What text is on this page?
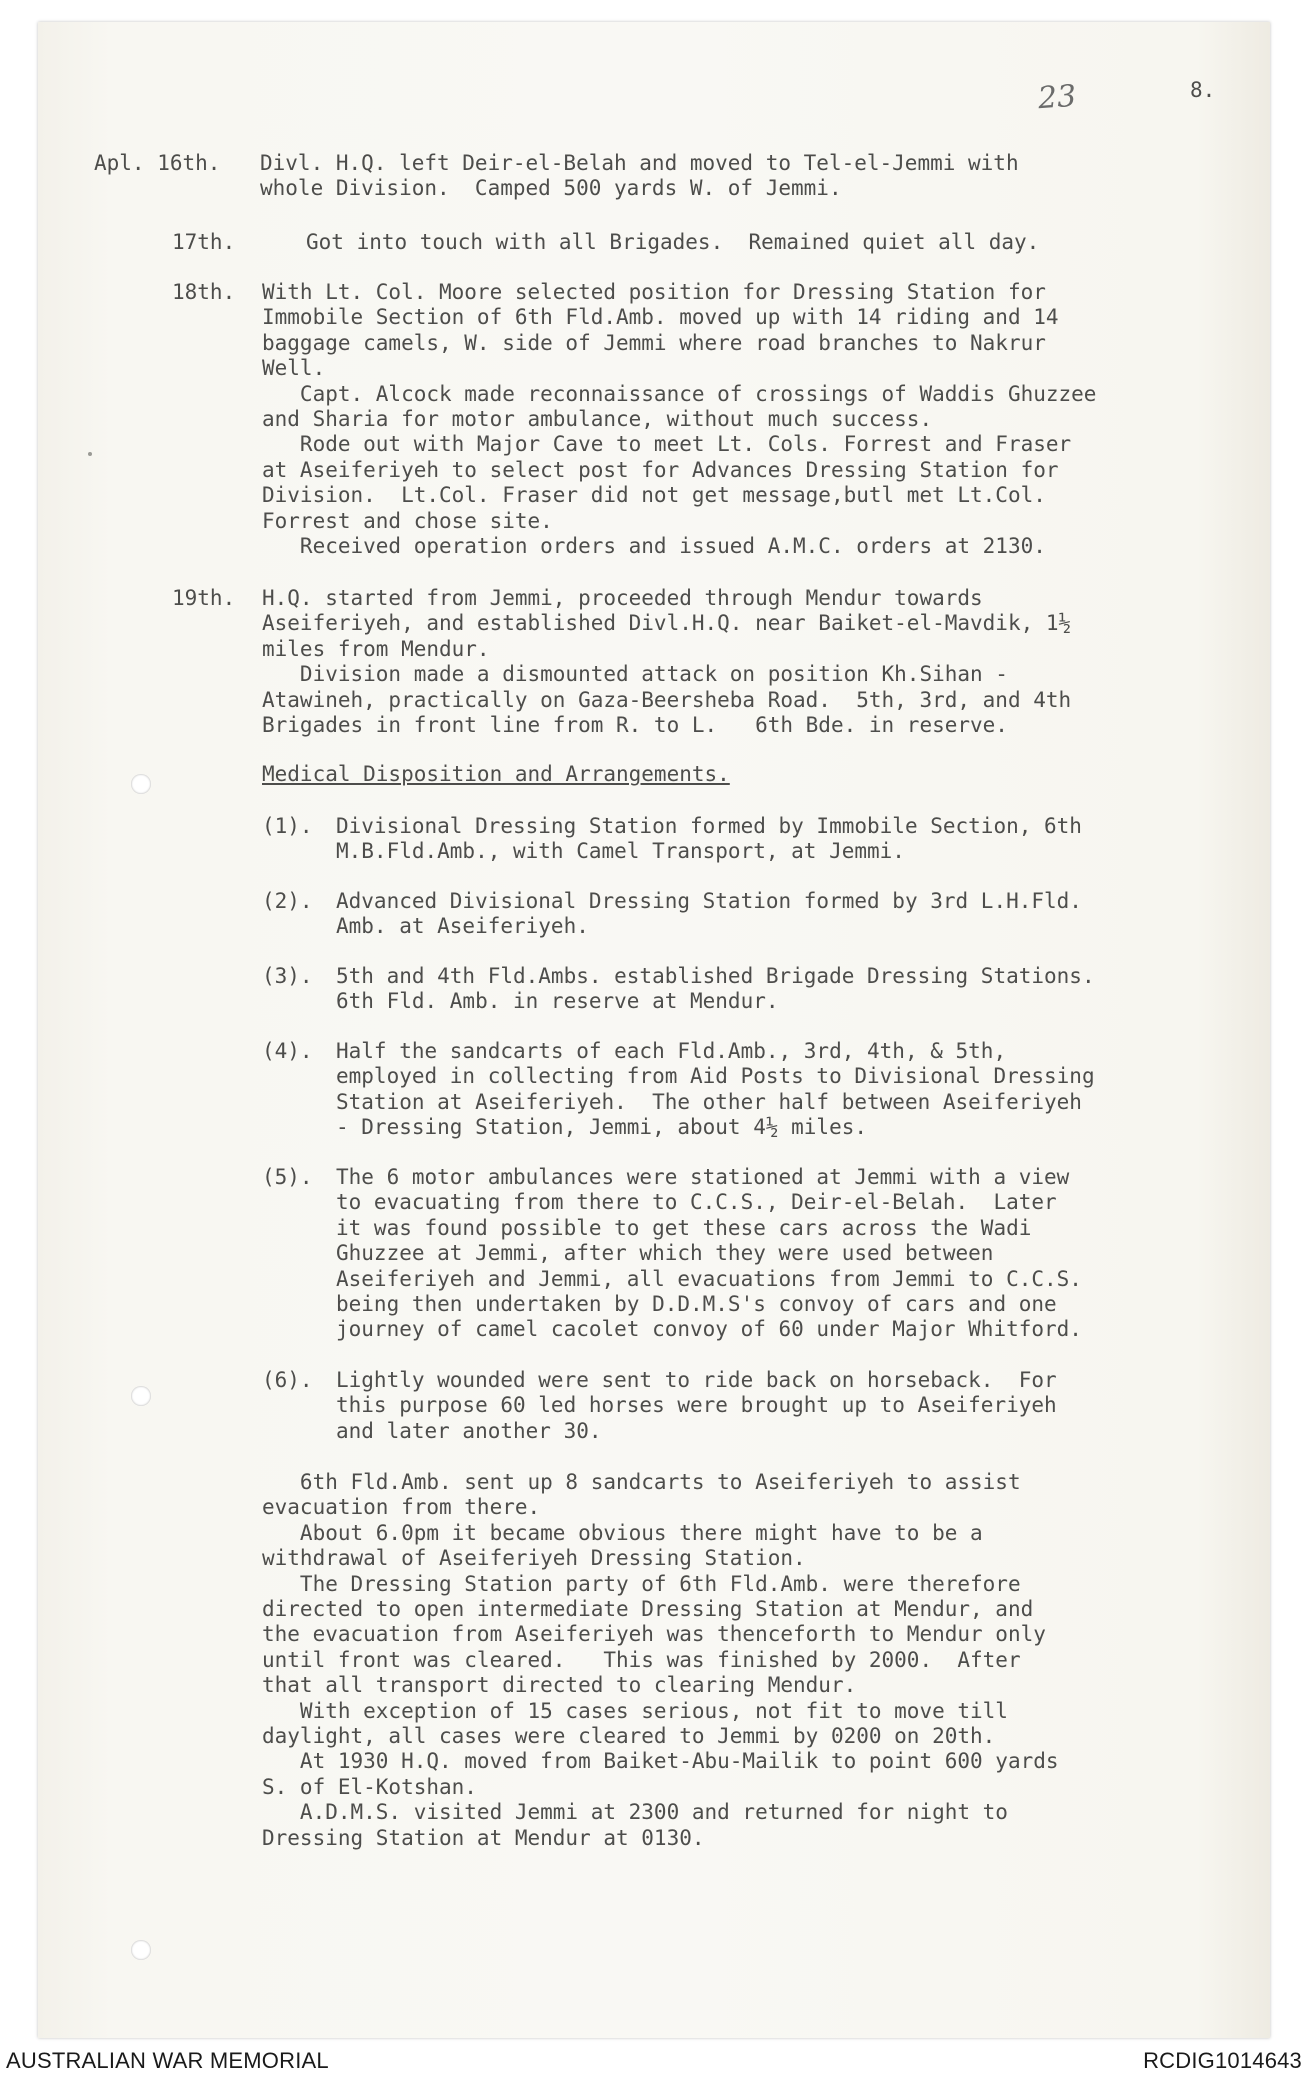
23	8.
Apl. 16th. Divl. H.Q. left Deir-el-Belah and moved to Tel-el-Jemmi with
whole Division.  Camped 500 yards W. of Jemmi.
17th.	Got into touch with all Brigades.  Remained quiet all day.
18th. With Lt. Col. Moore selected position for Dressing Station for
Immobile Section of 6th Fld.Amb. moved up with 14 riding and 14
baggage camels, W. side of Jemmi where road branches to Nakrur
Well.
Capt. Alcock made reconnaissance of crossings of Waddis Ghuzzee
and Sharia for motor ambulance, without much success.
Rode out with Major Cave to meet Lt. Cols. Forrest and Fraser
at Aseiferiyeh to select post for Advances Dressing Station for
Division.  Lt.Col. Fraser did not get message,butl met Lt.Col.
Forrest and chose site.
Received operation orders and issued A.M.C. orders at 2130.
19th. H.Q. started from Jemmi, proceeded through Mendur towards
Aseiferiyeh, and established Divl.H.Q. near Baiket-el-Mavdik, 1½
miles from Mendur.
Division made a dismounted attack on position Kh.Sihan -
Atawineh, practically on Gaza-Beersheba Road.  5th, 3rd, and 4th
Brigades in front line from R. to L.   6th Bde. in reserve.
Medical Disposition and Arrangements.
(1). Divisional Dressing Station formed by Immobile Section, 6th
M.B.Fld.Amb., with Camel Transport, at Jemmi.
(2). Advanced Divisional Dressing Station formed by 3rd L.H.Fld.
Amb. at Aseiferiyeh.
(3). 5th and 4th Fld.Ambs. established Brigade Dressing Stations.
6th Fld. Amb. in reserve at Mendur.
(4). Half the sandcarts of each Fld.Amb., 3rd, 4th, & 5th,
employed in collecting from Aid Posts to Divisional Dressing
Station at Aseiferiyeh.  The other half between Aseiferiyeh
- Dressing Station, Jemmi, about 4½ miles.
(5). The 6 motor ambulances were stationed at Jemmi with a view
to evacuating from there to C.C.S., Deir-el-Belah.  Later
it was found possible to get these cars across the Wadi
Ghuzzee at Jemmi, after which they were used between
Aseiferiyeh and Jemmi, all evacuations from Jemmi to C.C.S.
being then undertaken by D.D.M.S's convoy of cars and one
journey of camel cacolet convoy of 60 under Major Whitford.
(6). Lightly wounded were sent to ride back on horseback.  For
this purpose 60 led horses were brought up to Aseiferiyeh
and later another 30.
6th Fld.Amb. sent up 8 sandcarts to Aseiferiyeh to assist
evacuation from there.
About 6.0pm it became obvious there might have to be a
withdrawal of Aseiferiyeh Dressing Station.
The Dressing Station party of 6th Fld.Amb. were therefore
directed to open intermediate Dressing Station at Mendur, and
the evacuation from Aseiferiyeh was thenceforth to Mendur only
until front was cleared.   This was finished by 2000.  After
that all transport directed to clearing Mendur.
With exception of 15 cases serious, not fit to move till
daylight, all cases were cleared to Jemmi by 0200 on 20th.
At 1930 H.Q. moved from Baiket-Abu-Mailik to point 600 yards
S. of El-Kotshan.
A.D.M.S. visited Jemmi at 2300 and returned for night to
Dressing Station at Mendur at 0130.
AUSTRALIAN WAR MEMORIAL	RCDIG1014643
